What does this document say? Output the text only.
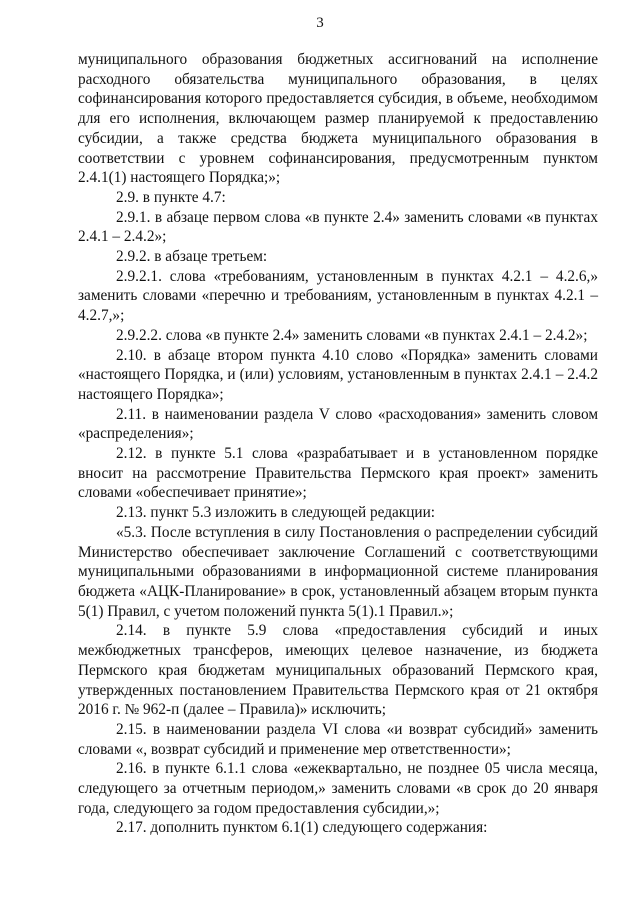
3

муниципального образования бюджетных ассигнований на исполнение расходного обязательства муниципального образования, в целях софинансирования которого предоставляется субсидия, в объеме, необходимом для его исполнения, включающем размер планируемой к предоставлению субсидии, а также средства бюджета муниципального образования в соответствии с уровнем софинансирования, предусмотренным пунктом 2.4.1(1) настоящего Порядка;»;

2.9. в пункте 4.7:

2.9.1. в абзаце первом слова «в пункте 2.4» заменить словами «в пунктах 2.4.1 – 2.4.2»;

2.9.2. в абзаце третьем:

2.9.2.1. слова «требованиям, установленным в пунктах 4.2.1 – 4.2.6,» заменить словами «перечню и требованиям, установленным в пунктах 4.2.1 – 4.2.7,»;

2.9.2.2. слова «в пункте 2.4» заменить словами «в пунктах 2.4.1 – 2.4.2»;

2.10. в абзаце втором пункта 4.10 слово «Порядка» заменить словами «настоящего Порядка, и (или) условиям, установленным в пунктах 2.4.1 – 2.4.2 настоящего Порядка»;

2.11. в наименовании раздела V слово «расходования» заменить словом «распределения»;

2.12. в пункте 5.1 слова «разрабатывает и в установленном порядке вносит на рассмотрение Правительства Пермского края проект» заменить словами «обеспечивает принятие»;

2.13. пункт 5.3 изложить в следующей редакции:

«5.3. После вступления в силу Постановления о распределении субсидий Министерство обеспечивает заключение Соглашений с соответствующими муниципальными образованиями в информационной системе планирования бюджета «АЦК-Планирование» в срок, установленный абзацем вторым пункта 5(1) Правил, с учетом положений пункта 5(1).1 Правил.»;

2.14. в пункте 5.9 слова «предоставления субсидий и иных межбюджетных трансферов, имеющих целевое назначение, из бюджета Пермского края бюджетам муниципальных образований Пермского края, утвержденных постановлением Правительства Пермского края от 21 октября 2016 г. № 962-п (далее – Правила)» исключить;

2.15. в наименовании раздела VI слова «и возврат субсидий» заменить словами «, возврат субсидий и применение мер ответственности»;

2.16. в пункте 6.1.1 слова «ежеквартально, не позднее 05 числа месяца, следующего за отчетным периодом,» заменить словами «в срок до 20 января года, следующего за годом предоставления субсидии,»;

2.17. дополнить пунктом 6.1(1) следующего содержания:
